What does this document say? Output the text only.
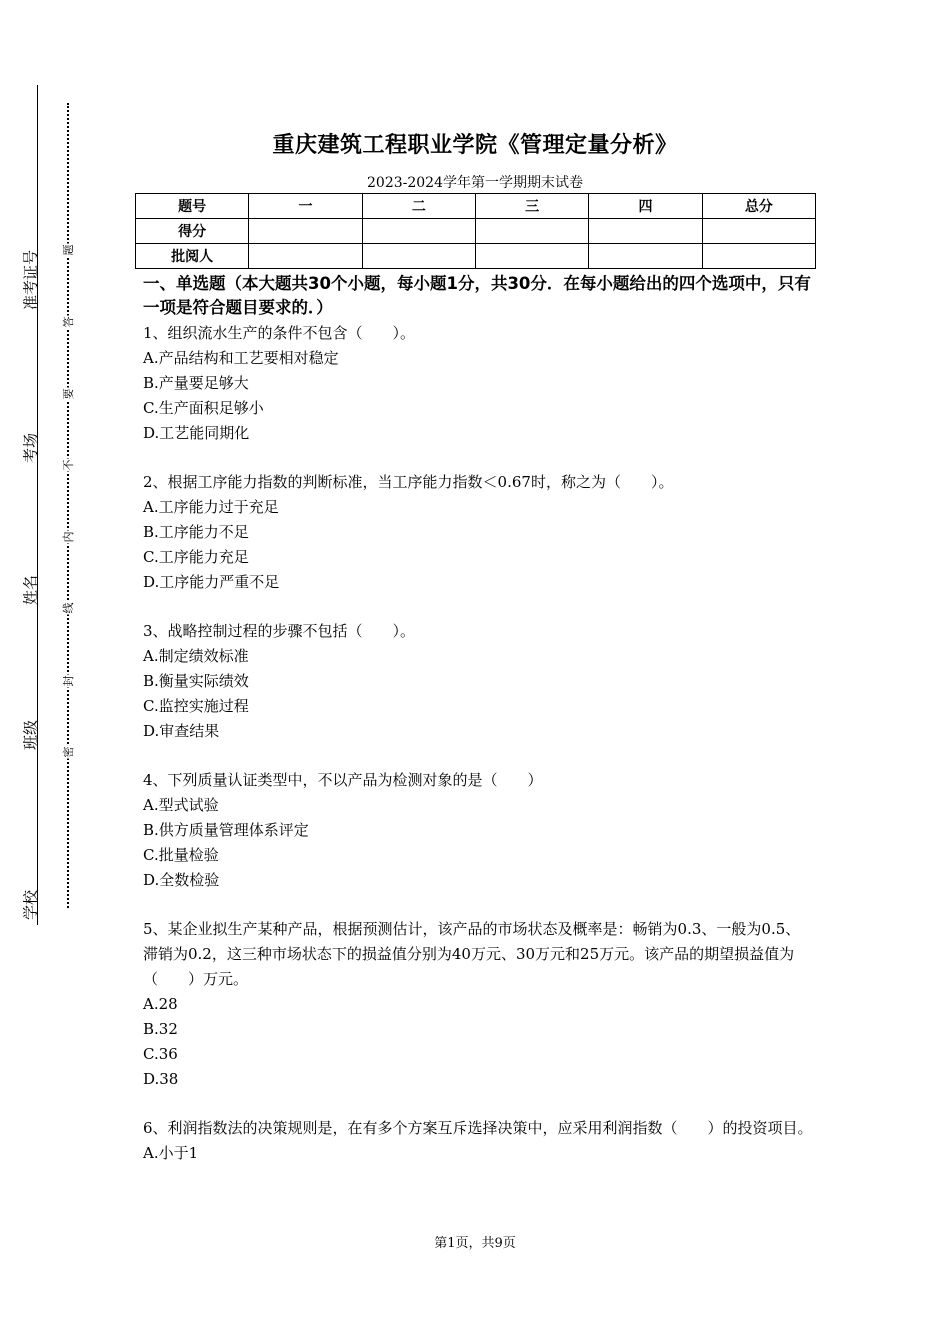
准考证号
考场
姓名
班级
学校
题
答
要
不
内
线
封
密
重庆建筑工程职业学院《管理定量分析》
2023-2024学年第一学期期末试卷
题号	一	二	三	四	总分
得分					
批阅人					
一、单选题（本大题共30个小题，每小题1分，共30分．在每小题给出的四个选项中，只有一项是符合题目要求的．）

1、组织流水生产的条件不包含（　　）。

A.产品结构和工艺要相对稳定

B.产量要足够大

C.生产面积足够小

D.工艺能同期化

2、根据工序能力指数的判断标准，当工序能力指数＜0.67时，称之为（　　）。

A.工序能力过于充足

B.工序能力不足

C.工序能力充足

D.工序能力严重不足

3、战略控制过程的步骤不包括（　　）。

A.制定绩效标准

B.衡量实际绩效

C.监控实施过程

D.审查结果

4、下列质量认证类型中，不以产品为检测对象的是（　　）

A.型式试验

B.供方质量管理体系评定

C.批量检验

D.全数检验

5、某企业拟生产某种产品，根据预测估计，该产品的市场状态及概率是：畅销为0.3、一般为0.5、滞销为0.2，这三种市场状态下的损益值分别为40万元、30万元和25万元。该产品的期望损益值为（　　）万元。

A.28

B.32

C.36

D.38

6、利润指数法的决策规则是，在有多个方案互斥选择决策中，应采用利润指数（　　）的投资项目。

A.小于1

第1页，共9页
